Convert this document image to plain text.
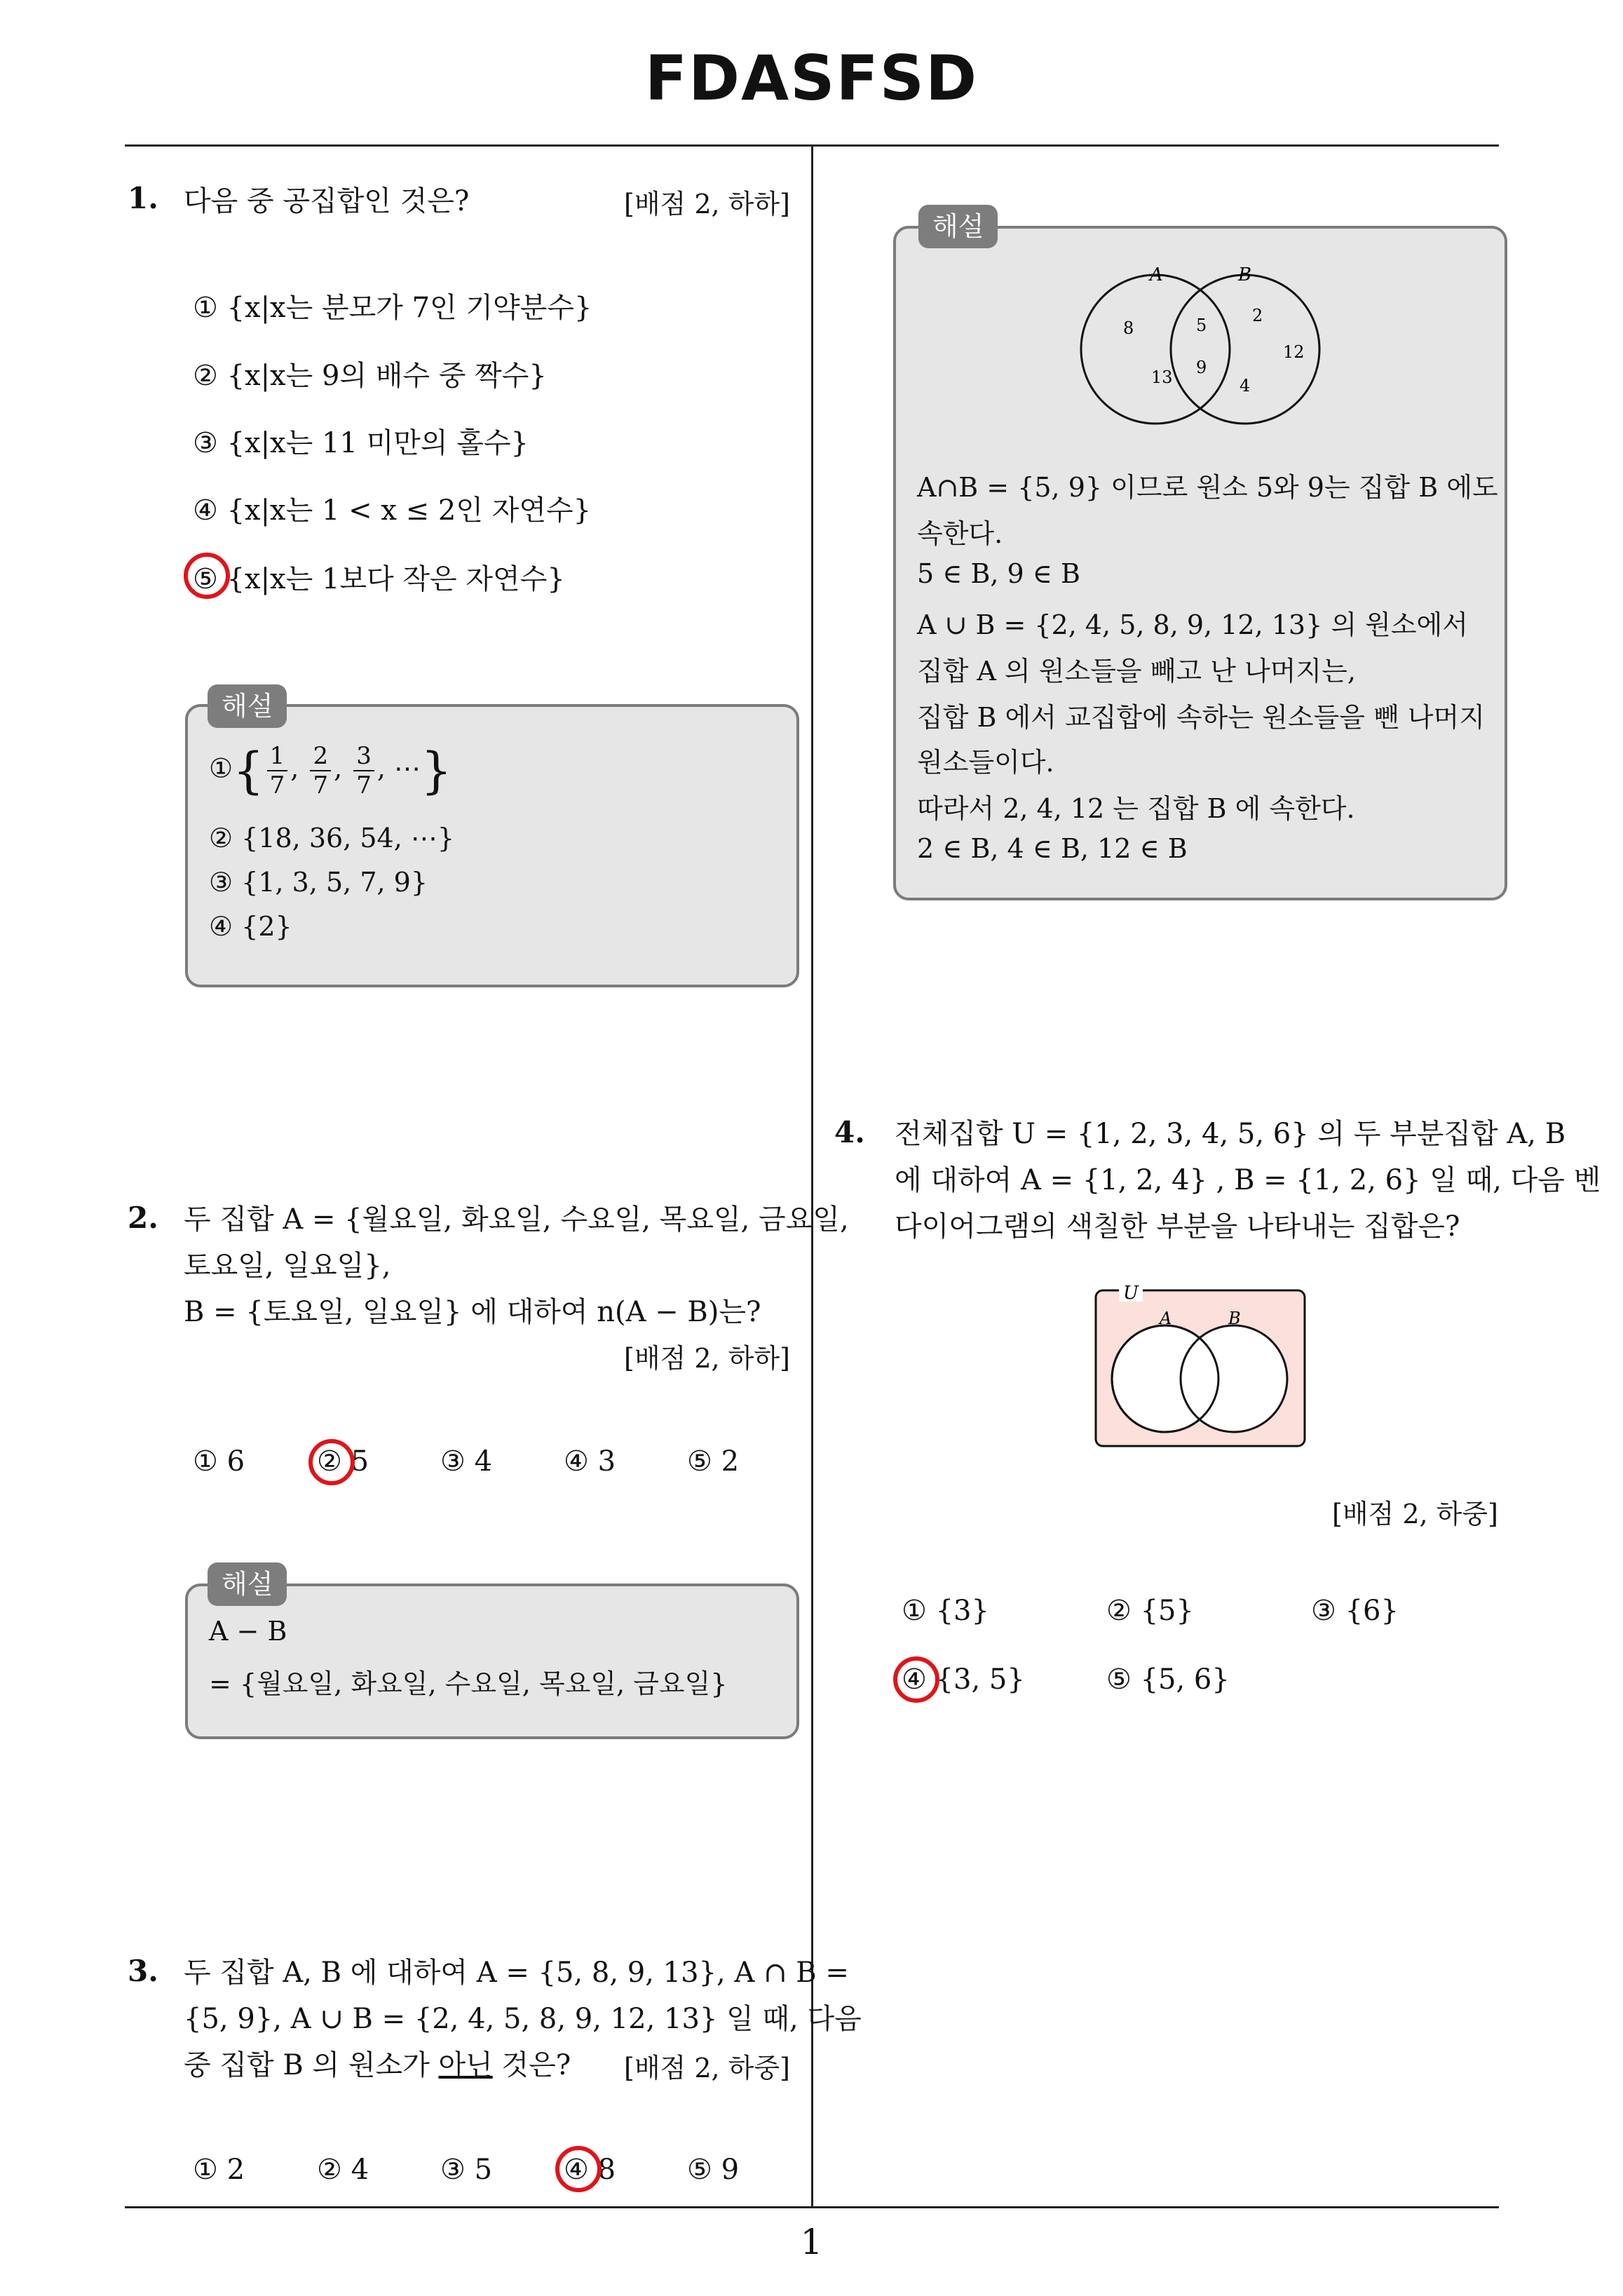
FDASFSD
1
1. 다음 중 공집합인 것은?	[배점 2, 하하]
① {x|x는 분모가 7인 기약분수}
② {x|x는 9의 배수 중 짝수}
③ {x|x는 11 미만의 홀수}
④ {x|x는 1 < x ≤ 2인 자연수}
⑤ {x|x는 1보다 작은 자연수}
①{ $\frac{1}{7}$ , $\frac{2}{7}$ , $\frac{3}{7}$ , ⋯}
② {18, 36, 54, ⋯}
③ {1, 3, 5, 7, 9}
④ {2}
해설
2. 두 집합 A = {월요일, 화요일, 수요일, 목요일, 금요일,
토요일, 일요일},
B = {토요일, 일요일} 에 대하여 n(A − B)는?
[배점 2, 하하]
① 6	② 5	③ 4	④ 3	⑤ 2
A − B
= {월요일, 화요일, 수요일, 목요일, 금요일}
해설
3. 두 집합 A, B 에 대하여 A = {5, 8, 9, 13}, A ∩ B =
{5, 9}, A ∪ B = {2, 4, 5, 8, 9, 12, 13} 일 때, 다음
중 집합 B 의 원소가 아닌 것은? [배점 2, 하중]
① 2	② 4	③ 5	④ 8	⑤ 9
A	B
8
13
5
9
2
12
4
A∩B = {5, 9} 이므로 원소 5와 9는 집합 B 에도
속한다.
5 ∈ B, 9 ∈ B
A ∪ B = {2, 4, 5, 8, 9, 12, 13} 의 원소에서
집합 A 의 원소들을 빼고 난 나머지는,
집합 B 에서 교집합에 속하는 원소들을 뺀 나머지
원소들이다.
따라서 2, 4, 12 는 집합 B 에 속한다.
2 ∈ B, 4 ∈ B, 12 ∈ B
해설
4. 전체집합 U = {1, 2, 3, 4, 5, 6} 의 두 부분집합 A, B
에 대하여 A = {1, 2, 4} , B = {1, 2, 6} 일 때, 다음 벤
다이어그램의 색칠한 부분을 나타내는 집합은?
U
A	B
[배점 2, 하중]
① {3}	② {5}	③ {6}
④ {3, 5}	⑤ {5, 6}
